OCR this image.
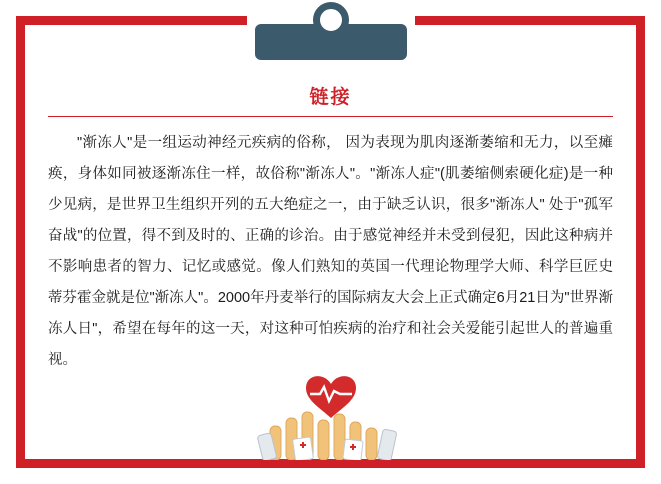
链接
"渐冻人"是一组运动神经元疾病的俗称， 因为表现为肌肉逐渐萎缩和无力，以至瘫痪，身体如同被逐渐冻住一样，故俗称"渐冻人"。"渐冻人症"(肌萎缩侧索硬化症)是一种少见病，是世界卫生组织开列的五大绝症之一，由于缺乏认识，很多"渐冻人" 处于"孤军奋战"的位置，得不到及时的、正确的诊治。由于感觉神经并未受到侵犯，因此这种病并不影响患者的智力、记忆或感觉。像人们熟知的英国一代理论物理学大师、科学巨匠史蒂芬霍金就是位"渐冻人"。2000年丹麦举行的国际病友大会上正式确定6月21日为"世界渐冻人日"，希望在每年的这一天，对这种可怕疾病的治疗和社会关爱能引起世人的普遍重视。
